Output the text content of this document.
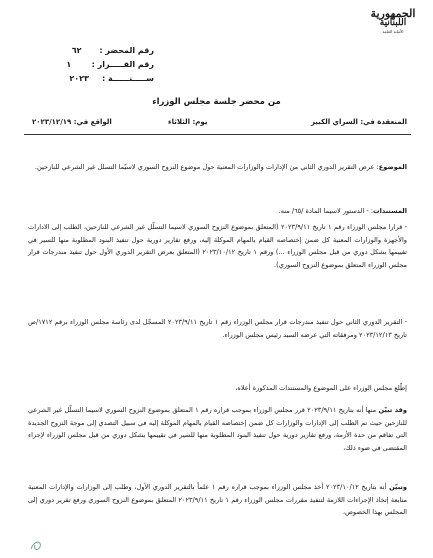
الجمهورية
اللبنانية
الأمانة العامة
رقم المحضر : ٦٢
رقم القـــــرار : ١
ســـــنــــــة : ٢٠٢٣
من محضر جلسة مجلس الوزراء
المنعقدة في: السراي الكبير
يوم: الثلاثاء
الواقع في: ٢٠٢٣/١٢/١٩
الموضوع: عرض التقرير الدوري الثاني من الإدارات والوزارات المعنية حول موضوع النزوح السوري لاسيّما التسلل غير الشرعي للنازحين.
المستندات: - الدستور لاسيما المادة /٦٥/ منه.
- قرارا مجلس الوزراء رقم ١ تاريخ ٢٠٢٣/٩/١١ (المتعلق بموضوع النزوح السوري لاسيما التسلّل غير الشرعي للنازحين، الطلب إلى الادارات والأجهزة والوزارات المعنية كل ضمن إختصاصه القيام بالمهام الموكلة إليه، ورفع تقارير دورية حول تنفيذ البنود المطلوبة منها للسير في تقييمها بشكل دوري من قبل مجلس الوزراء ...) ورقم ١ تاريخ ٢٠٢٣/١٠/١٢ (المتعلق بعرض التقرير الدوري الأول حول تنفيذ مندرجات قرار مجلس الوزراء المتعلق بموضوع النزوح السوري).
- التقرير الدوري الثاني حول تنفيذ مندرجات قرار مجلس الوزراء رقم ١ تاريخ ٢٠٢٣/٩/١١ المسجّل لدى رئاسة مجلس الوزراء برقم ١٧١٢/ص تاريخ ٢٠٢٣/١٢/١٣ ومرفقاته التي عرضه السيد رئيس مجلس الوزراء.
إطّلع مجلس الوزراء على الموضوع والمستندات المذكورة أعلاه،
وقد تبيّن منها أنه بتاريخ ٢٠٢٣/٩/١١ قرر مجلس الوزراء بموجب قراره رقم ١ المتعلق بموضوع النزوح السوري لاسيما التسلّل غير الشرعي للنازحين حيث تم الطلب إلى الإدارات والوزارات كل ضمن إختصاصه القيام بالمهام الموكلة إليه في سبيل التصدي إلى موجة النزوح الجديدة التي تفاقم من حدة الأزمة، ورفع تقارير دورية حول تنفيذ البنود المطلوبة منها للسير في تقييمها بشكل دوري من قبل مجلس الوزراء لإجراء المقتضى في ضوء ذلك،
وتبيّن أنه بتاريخ ٢٠٢٣/١٠/١٢ أخذ مجلس الوزراء بموجب قراره رقم ١ علماً بالتقرير الدوري الأول، وطلب إلى الوزارات والإدارات المعنية متابعة إتخاذ الإجراءات اللازمة لتنفيذ مقررات مجلس الوزراء رقم ١ تاريخ ٢٠٢٣/٩/١١ المتعلق بموضوع النزوح السوري ورفع تقرير دوري إلى المجلس بهذا الخصوص،
